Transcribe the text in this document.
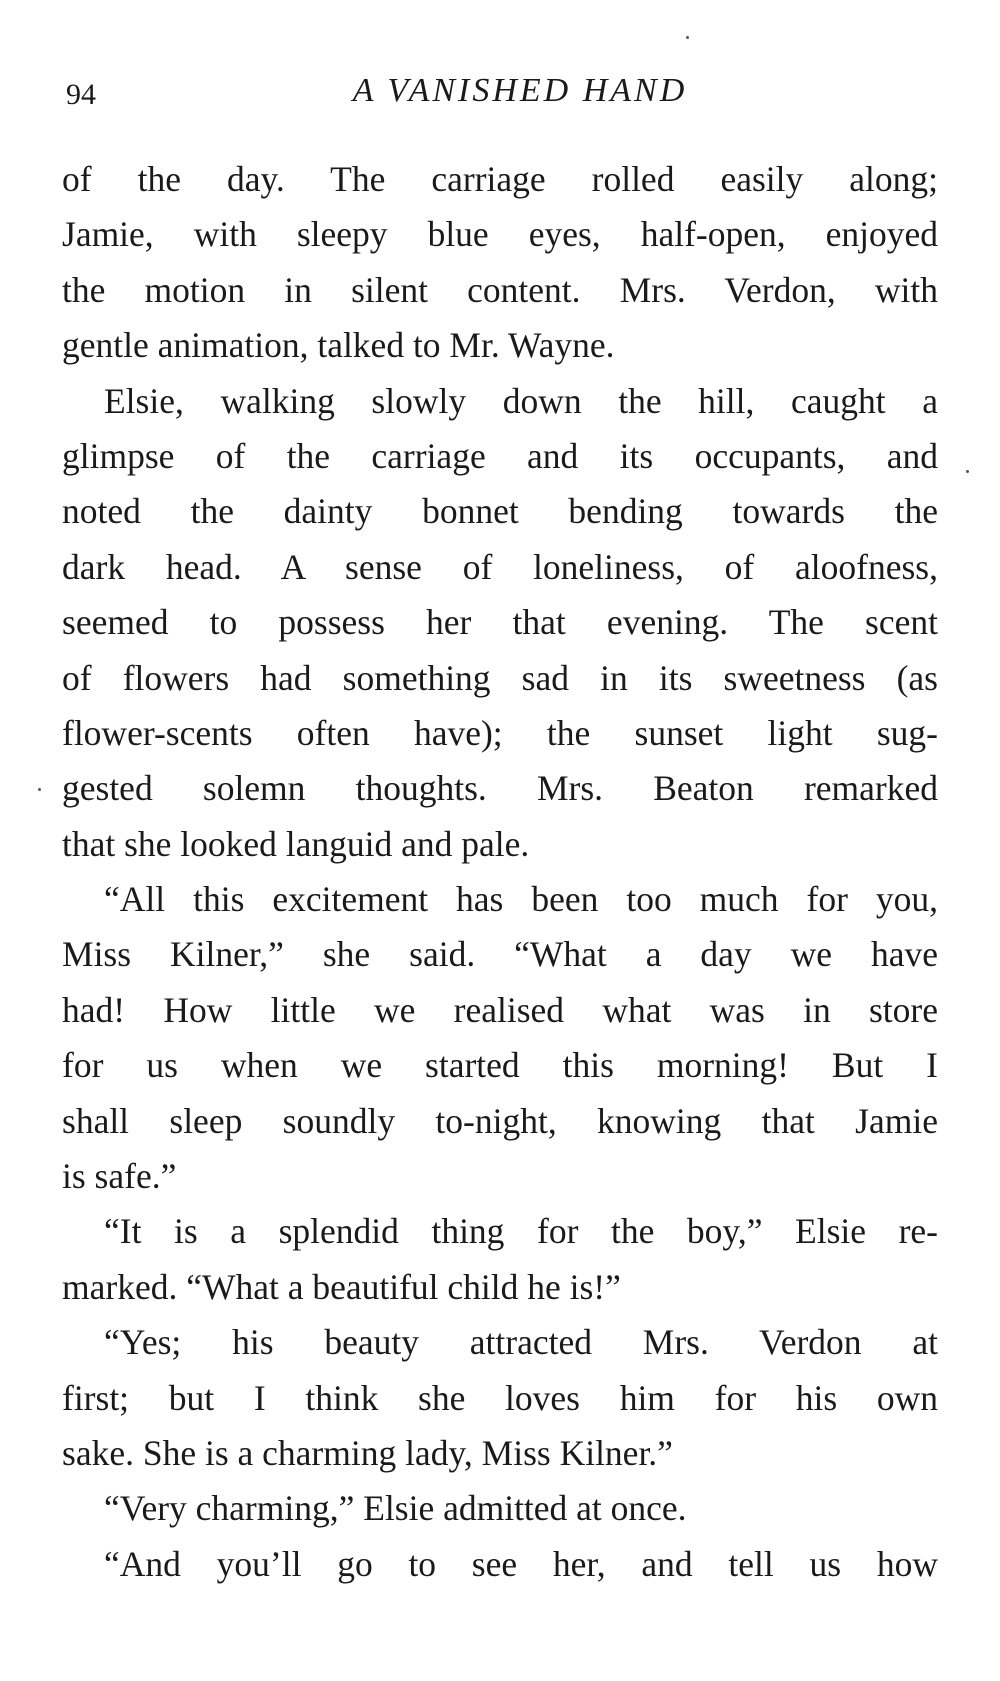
94	A VANISHED HAND
of the day. The carriage rolled easily along;
Jamie, with sleepy blue eyes, half-open, enjoyed
the motion in silent content. Mrs. Verdon, with
gentle animation, talked to Mr. Wayne.
Elsie, walking slowly down the hill, caught a
glimpse of the carriage and its occupants, and
noted the dainty bonnet bending towards the
dark head. A sense of loneliness, of aloofness,
seemed to possess her that evening. The scent
of flowers had something sad in its sweetness (as
flower-scents often have); the sunset light sug-
gested solemn thoughts. Mrs. Beaton remarked
that she looked languid and pale.
“All this excitement has been too much for you,
Miss Kilner,” she said. “What a day we have
had! How little we realised what was in store
for us when we started this morning! But I
shall sleep soundly to-night, knowing that Jamie
is safe.”
“It is a splendid thing for the boy,” Elsie re-
marked. “What a beautiful child he is!”
“Yes; his beauty attracted Mrs. Verdon at
first; but I think she loves him for his own
sake. She is a charming lady, Miss Kilner.”
“Very charming,” Elsie admitted at once.
“And you’ll go to see her, and tell us how
